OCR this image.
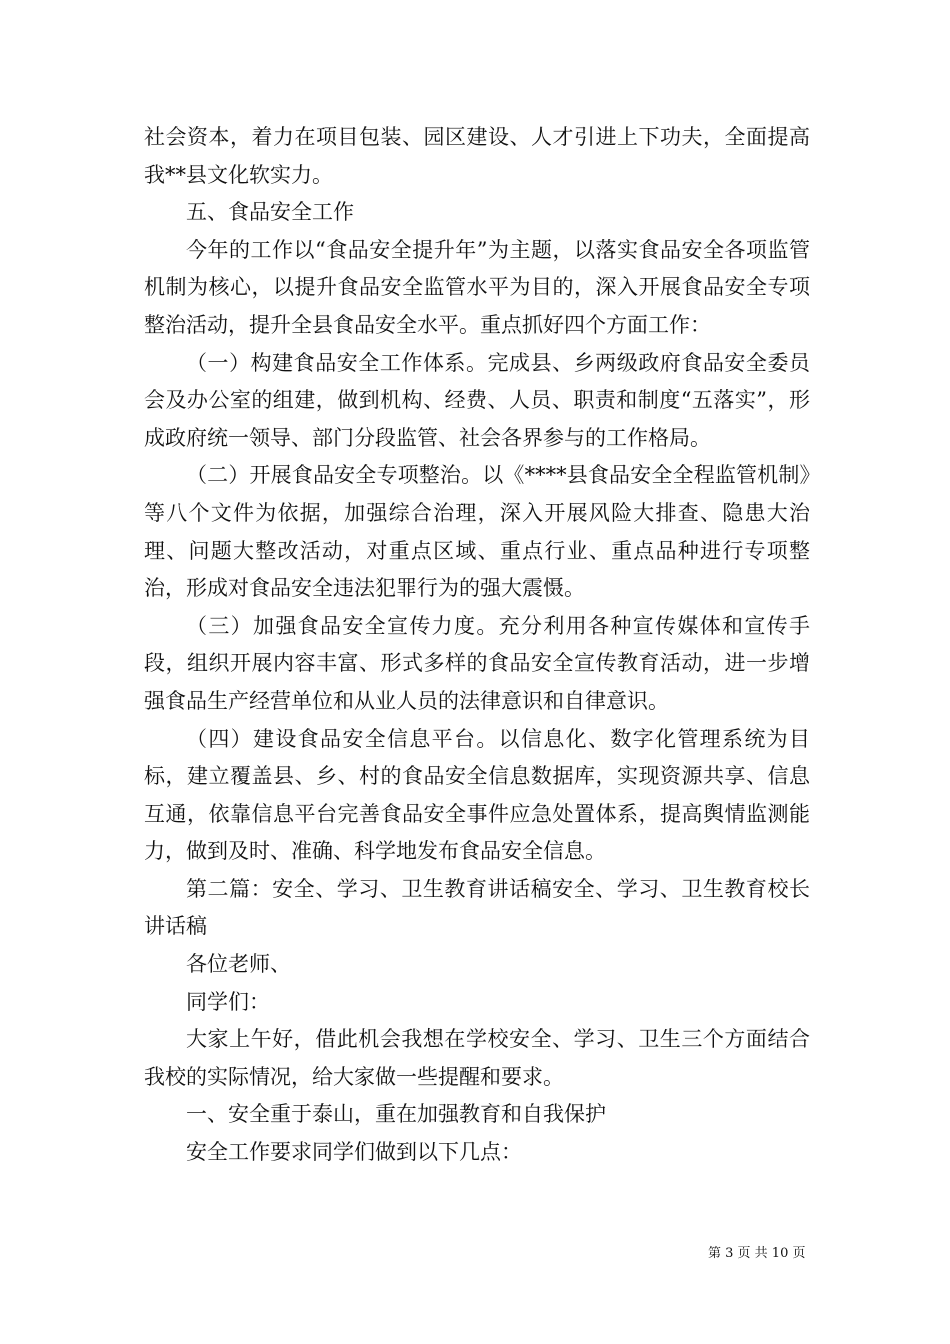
社会资本，着力在项目包装、园区建设、人才引进上下功夫，全面提高我**县文化软实力。

五、食品安全工作

今年的工作以“食品安全提升年”为主题，以落实食品安全各项监管机制为核心，以提升食品安全监管水平为目的，深入开展食品安全专项整治活动，提升全县食品安全水平。重点抓好四个方面工作：

（一）构建食品安全工作体系。完成县、乡两级政府食品安全委员会及办公室的组建，做到机构、经费、人员、职责和制度“五落实”，形成政府统一领导、部门分段监管、社会各界参与的工作格局。

（二）开展食品安全专项整治。以《****县食品安全全程监管机制》等八个文件为依据，加强综合治理，深入开展风险大排查、隐患大治理、问题大整改活动，对重点区域、重点行业、重点品种进行专项整治，形成对食品安全违法犯罪行为的强大震慑。

（三）加强食品安全宣传力度。充分利用各种宣传媒体和宣传手段，组织开展内容丰富、形式多样的食品安全宣传教育活动，进一步增强食品生产经营单位和从业人员的法律意识和自律意识。

（四）建设食品安全信息平台。以信息化、数字化管理系统为目标，建立覆盖县、乡、村的食品安全信息数据库，实现资源共享、信息互通，依靠信息平台完善食品安全事件应急处置体系，提高舆情监测能力，做到及时、准确、科学地发布食品安全信息。

第二篇：安全、学习、卫生教育讲话稿安全、学习、卫生教育校长讲话稿

各位老师、

同学们：

大家上午好，借此机会我想在学校安全、学习、卫生三个方面结合我校的实际情况，给大家做一些提醒和要求。

一、安全重于泰山，重在加强教育和自我保护

安全工作要求同学们做到以下几点：

第 3 页 共 10 页
